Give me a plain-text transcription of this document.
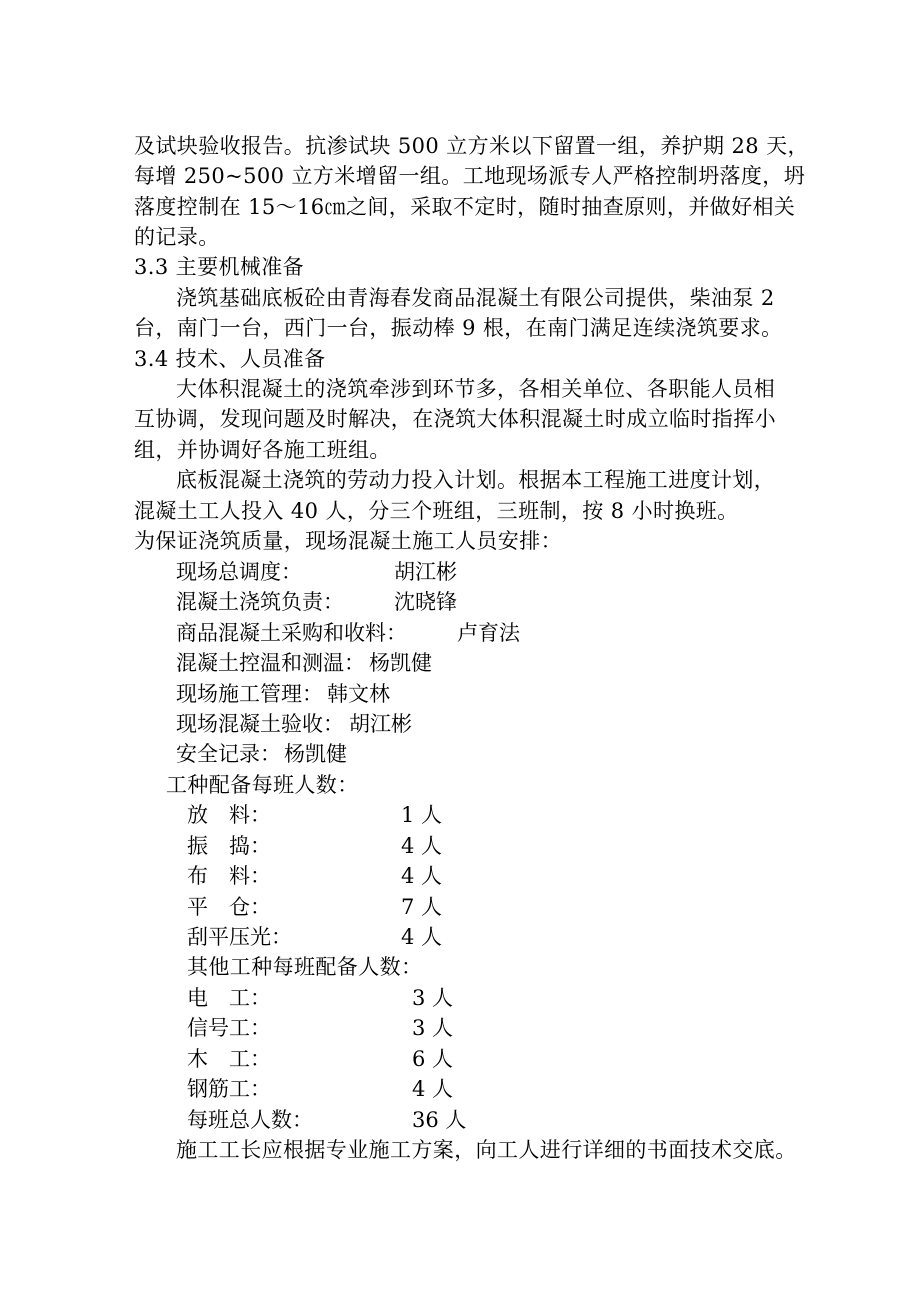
及试块验收报告。抗渗试块 500 立方米以下留置一组，养护期 28 天，
每增 250~500 立方米增留一组。工地现场派专人严格控制坍落度，坍
落度控制在 15～16㎝之间，采取不定时，随时抽查原则，并做好相关
的记录。
3.3 主要机械准备
浇筑基础底板砼由青海春发商品混凝土有限公司提供，柴油泵 2
台，南门一台，西门一台，振动棒 9 根，在南门满足连续浇筑要求。
3.4 技术、人员准备
大体积混凝土的浇筑牵涉到环节多，各相关单位、各职能人员相
互协调，发现问题及时解决，在浇筑大体积混凝土时成立临时指挥小
组，并协调好各施工班组。
底板混凝土浇筑的劳动力投入计划。根据本工程施工进度计划，
混凝土工人投入 40 人，分三个班组，三班制，按 8 小时换班。
为保证浇筑质量，现场混凝土施工人员安排：
现场总调度：	胡江彬
混凝土浇筑负责： 沈晓锋
商品混凝土采购和收料： 卢育法
混凝土控温和测温： 杨凯健
现场施工管理： 韩文林
现场混凝土验收： 胡江彬
安全记录： 杨凯健
工种配备每班人数：
放　料：	1 人
振　捣：	4 人
布　料：	4 人
平　仓：	7 人
刮平压光：	4 人
其他工种每班配备人数：
电　工：	3 人
信号工：	3 人
木　工：	6 人
钢筋工：	4 人
每班总人数：	36 人
施工工长应根据专业施工方案，向工人进行详细的书面技术交底。
